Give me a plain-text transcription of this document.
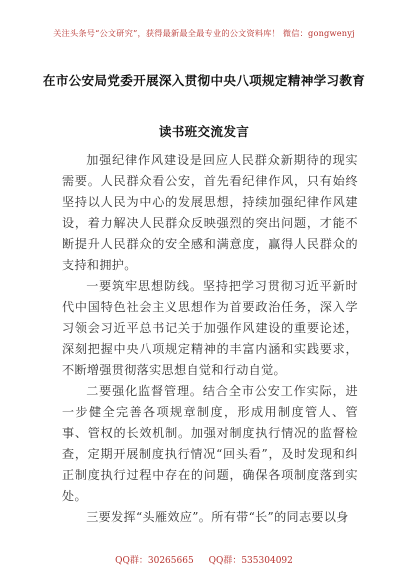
关注头条号“公文研究”，获得最新最全最专业的公文资料库！ 微信：gongwenyj
在市公安局党委开展深入贯彻中央八项规定精神学习教育
读书班交流发言

加强纪律作风建设是回应人民群众新期待的现实需要。人民群众看公安，首先看纪律作风，只有始终坚持以人民为中心的发展思想，持续加强纪律作风建设，着力解决人民群众反映强烈的突出问题，才能不断提升人民群众的安全感和满意度，赢得人民群众的支持和拥护。

一要筑牢思想防线。坚持把学习贯彻习近平新时代中国特色社会主义思想作为首要政治任务，深入学习领会习近平总书记关于加强作风建设的重要论述，深刻把握中央八项规定精神的丰富内涵和实践要求，不断增强贯彻落实思想自觉和行动自觉。

二要强化监督管理。结合全市公安工作实际，进一步健全完善各项规章制度，形成用制度管人、管事、管权的长效机制。加强对制度执行情况的监督检查，定期开展制度执行情况“回头看”，及时发现和纠正制度执行过程中存在的问题，确保各项制度落到实处。

三要发挥“头雁效应”。所有带“长”的同志要以身

QQ群：30265665 QQ群：535304092
